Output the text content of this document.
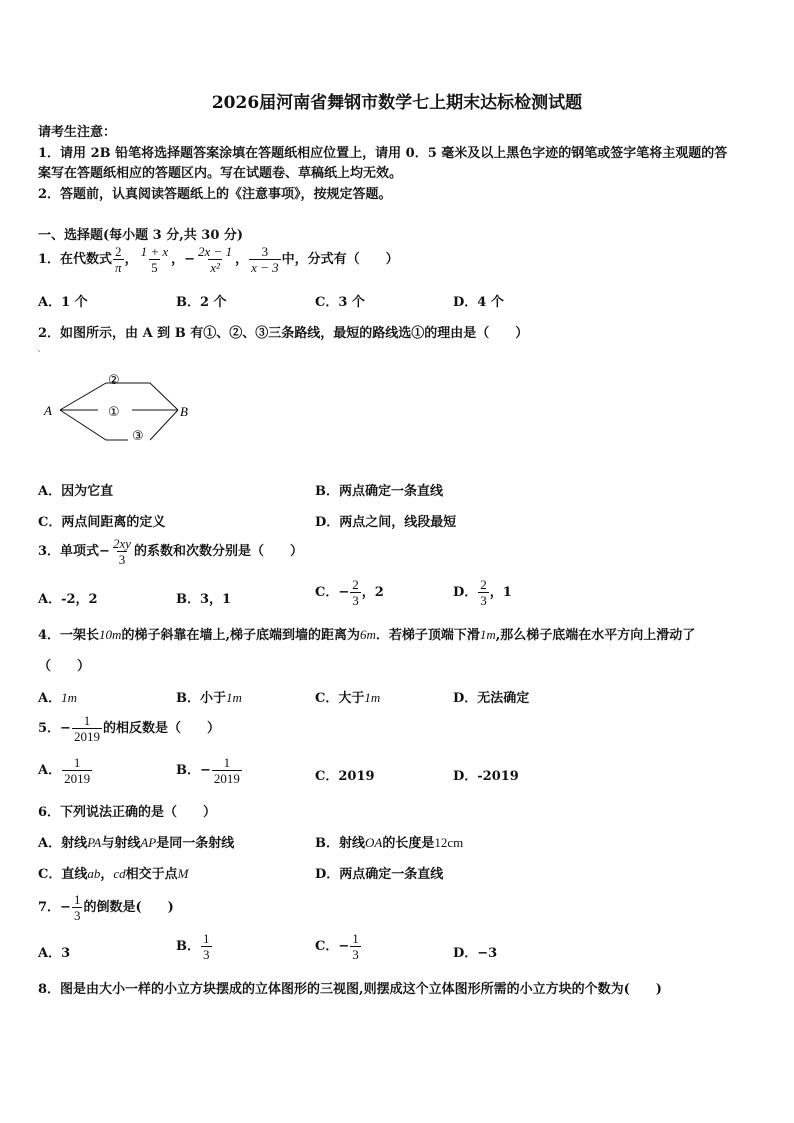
2026届河南省舞钢市数学七上期末达标检测试题
请考生注意：
1．请用 2B 铅笔将选择题答案涂填在答题纸相应位置上，请用 0．5 毫米及以上黑色字迹的钢笔或签字笔将主观题的答
案写在答题纸相应的答题区内。写在试题卷、草稿纸上均无效。
2．答题前，认真阅读答题纸上的《注意事项》，按规定答题。
一、选择题(每小题 3 分,共 30 分)
1．在代数式 $\frac{2}{\pi}$ ， $\frac{1 + x}{5}$ ，− $\frac{2x - 1}{\text{x²}}$ ， $\frac{3}{x - 3}$ 中，分式有（　　）
A．1 个	B．2 个	C．3 个	D．4 个
2．如图所示，由 A 到 B 有①、②、③三条路线，最短的路线选①的理由是（　　）
A	B
①
②
③
A．因为它直	B．两点确定一条直线
C．两点间距离的定义	D．两点之间，线段最短
3．单项式− $\frac{2xy}{3}$ 的系数和次数分别是（　　）
A．-2，2	B．3，1	C．− $\frac{2}{3}$ ，2	D． $\frac{2}{3}$ ，1
4．一架长10m的梯子斜靠在墙上,梯子底端到墙的距离为6m．若梯子顶端下滑1m,那么梯子底端在水平方向上滑动了
（　　）
A．1m	B．小于1m	C．大于1m	D．无法确定
5．− $\frac{1}{2019}$ 的相反数是（　　）
A． $\frac{1}{2019}$	B．− $\frac{1}{2019}$	C．2019	D．-2019
6．下列说法正确的是（　　）
A．射线PA与射线AP是同一条射线	B．射线OA的长度是12cm
C．直线ab，cd相交于点M	D．两点确定一条直线
7．− $\frac{1}{3}$ 的倒数是(　　)
A．3	B． $\frac{1}{3}$	C．− $\frac{1}{3}$	D．−3
8．图是由大小一样的小立方块摆成的立体图形的三视图,则摆成这个立体图形所需的小立方块的个数为(　　)
